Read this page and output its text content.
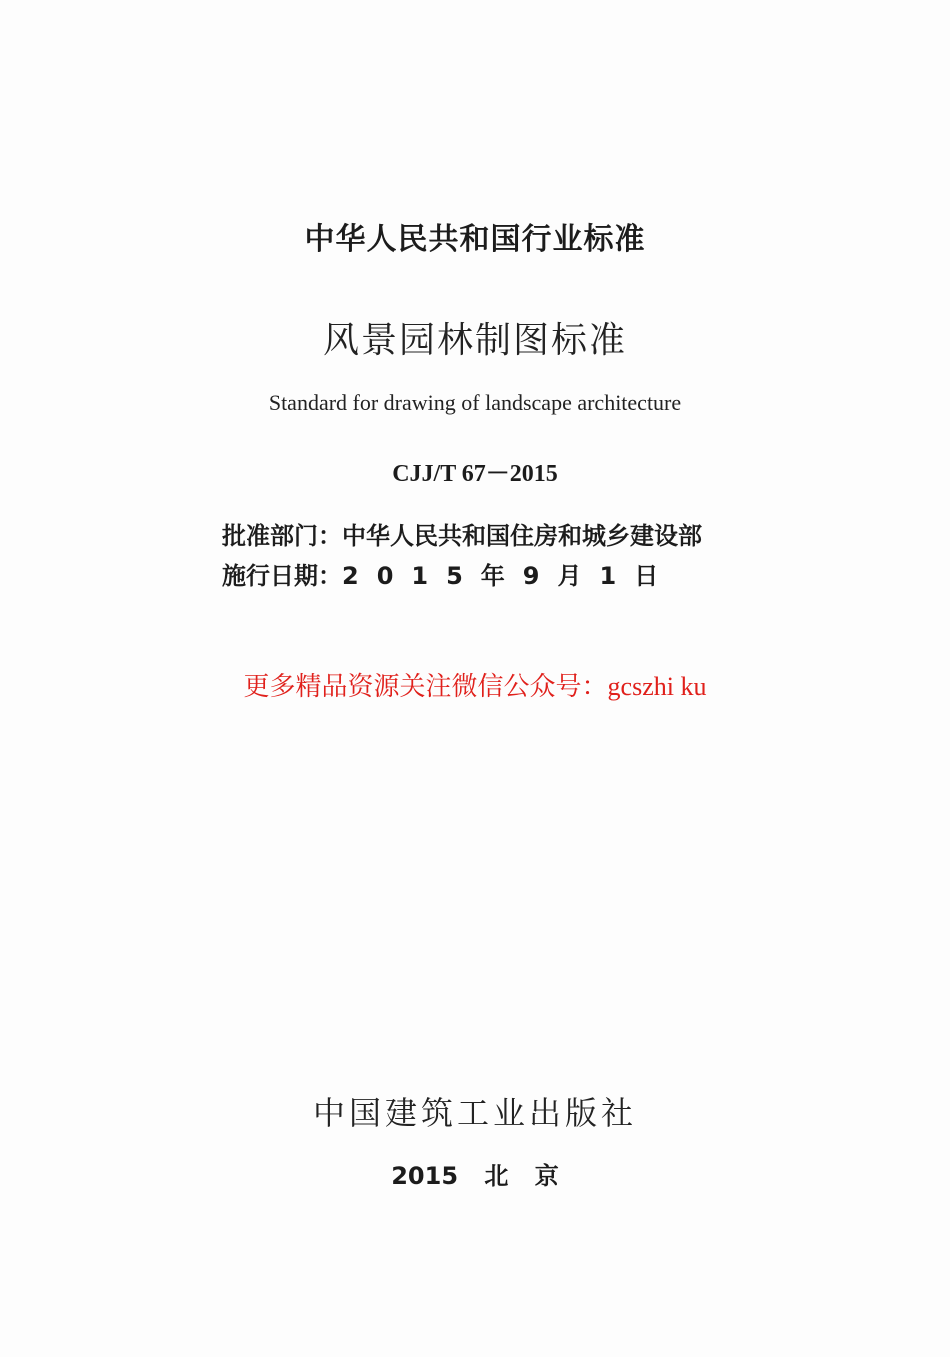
中华人民共和国行业标准
风景园林制图标准
Standard for drawing of landscape architecture
CJJ/T 67－2015
批准部门：中华人民共和国住房和城乡建设部
施行日期：2015年9月1日
更多精品资源关注微信公众号：gcszhi ku
中国建筑工业出版社
2015 北 京
